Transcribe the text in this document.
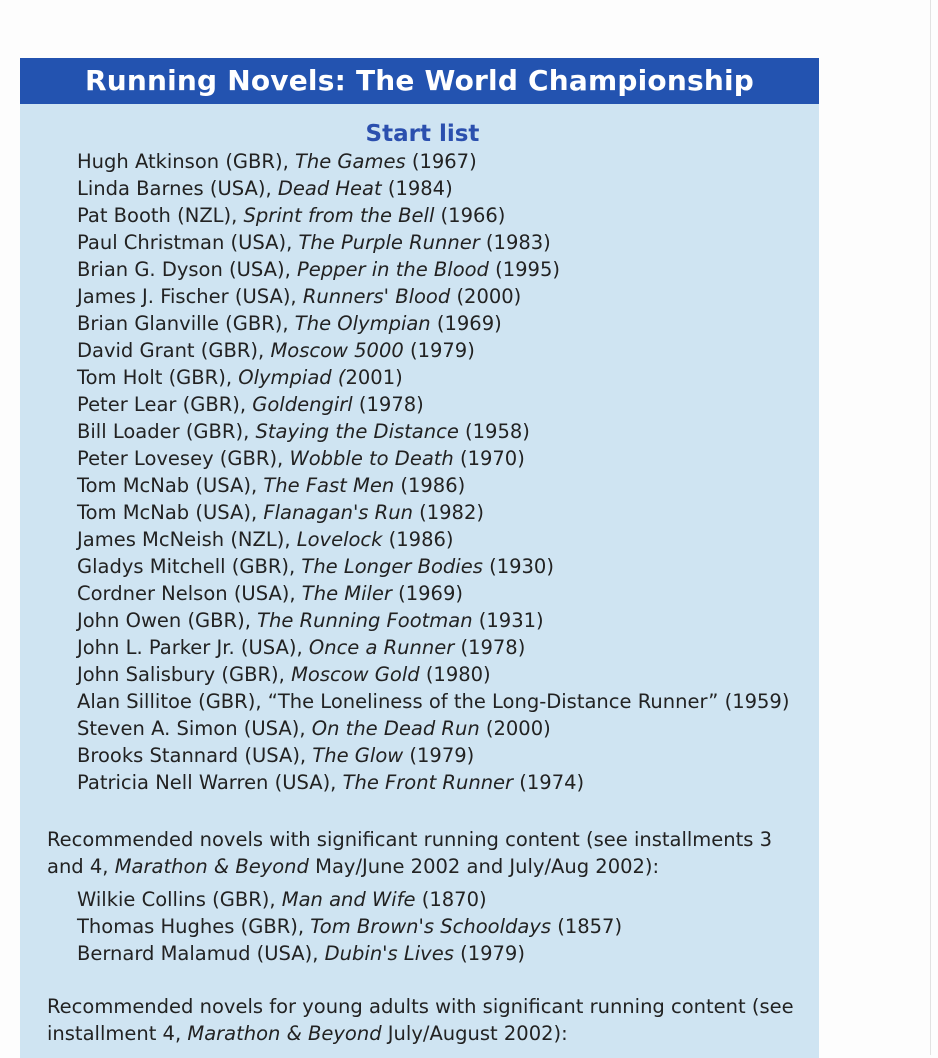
Running Novels: The World Championship
Start list
Hugh Atkinson (GBR), The Games (1967)
Linda Barnes (USA), Dead Heat (1984)
Pat Booth (NZL), Sprint from the Bell (1966)
Paul Christman (USA), The Purple Runner (1983)
Brian G. Dyson (USA), Pepper in the Blood (1995)
James J. Fischer (USA), Runners' Blood (2000)
Brian Glanville (GBR), The Olympian (1969)
David Grant (GBR), Moscow 5000 (1979)
Tom Holt (GBR), Olympiad (2001)
Peter Lear (GBR), Goldengirl (1978)
Bill Loader (GBR), Staying the Distance (1958)
Peter Lovesey (GBR), Wobble to Death (1970)
Tom McNab (USA), The Fast Men (1986)
Tom McNab (USA), Flanagan's Run (1982)
James McNeish (NZL), Lovelock (1986)
Gladys Mitchell (GBR), The Longer Bodies (1930)
Cordner Nelson (USA), The Miler (1969)
John Owen (GBR), The Running Footman (1931)
John L. Parker Jr. (USA), Once a Runner (1978)
John Salisbury (GBR), Moscow Gold (1980)
Alan Sillitoe (GBR), “The Loneliness of the Long-Distance Runner” (1959)
Steven A. Simon (USA), On the Dead Run (2000)
Brooks Stannard (USA), The Glow (1979)
Patricia Nell Warren (USA), The Front Runner (1974)

Recommended novels with significant running content (see installments 3 and 4, Marathon & Beyond May/June 2002 and July/Aug 2002):

Wilkie Collins (GBR), Man and Wife (1870)
Thomas Hughes (GBR), Tom Brown's Schooldays (1857)
Bernard Malamud (USA), Dubin's Lives (1979)

Recommended novels for young adults with significant running content (see installment 4, Marathon & Beyond July/August 2002):
